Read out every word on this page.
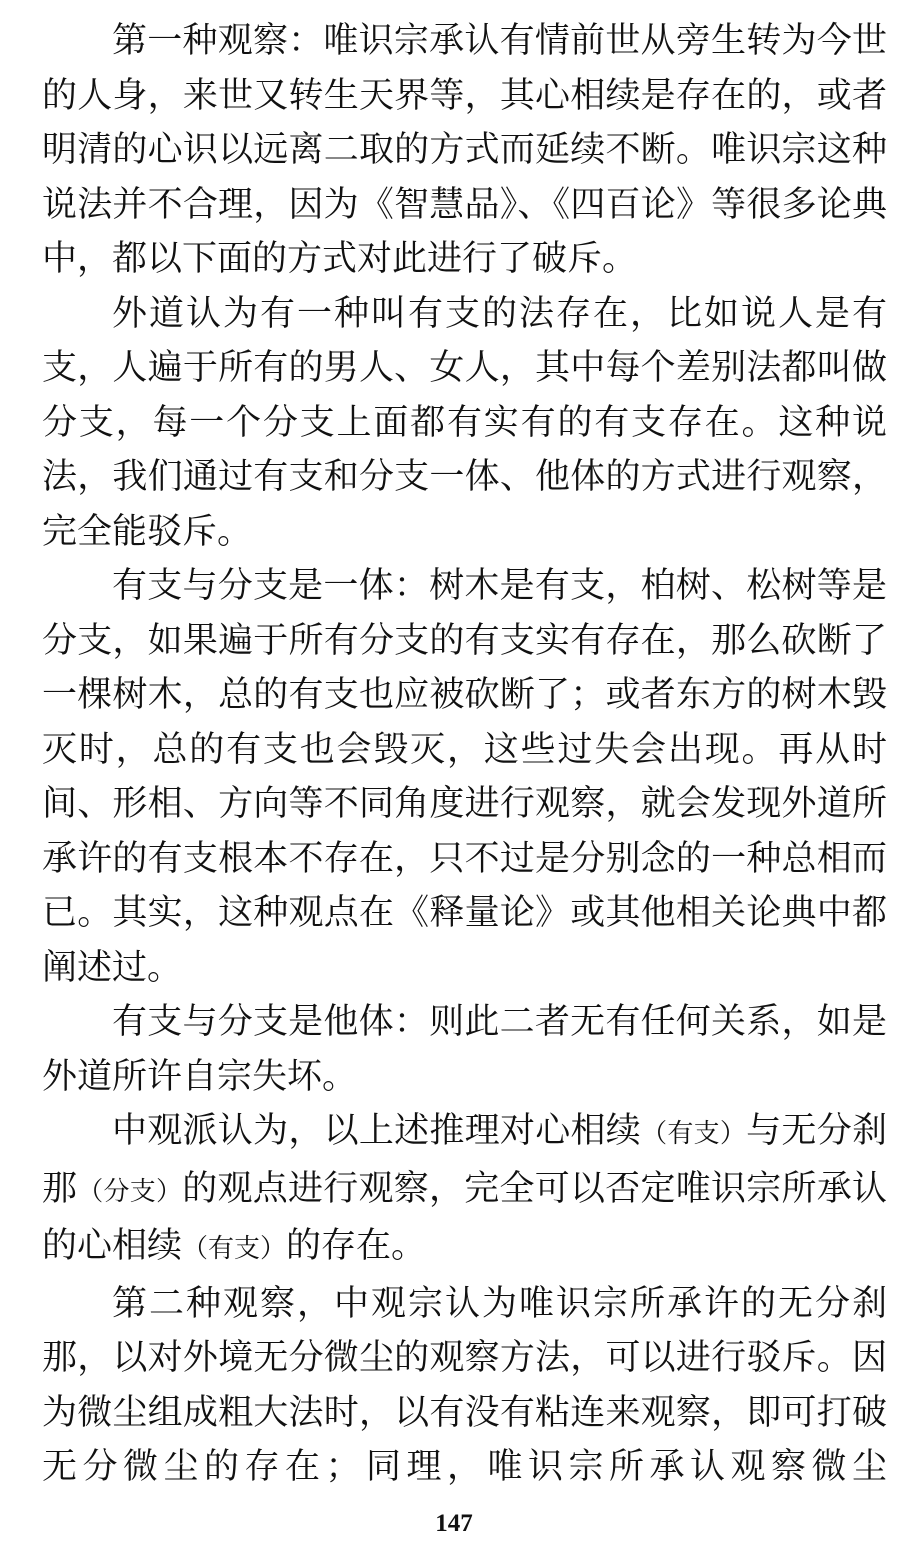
第一种观察：唯识宗承认有情前世从旁生转为今世的人身，来世又转生天界等，其心相续是存在的，或者明清的心识以远离二取的方式而延续不断。唯识宗这种说法并不合理，因为《智慧品》、《四百论》等很多论典中，都以下面的方式对此进行了破斥。

外道认为有一种叫有支的法存在，比如说人是有支，人遍于所有的男人、女人，其中每个差别法都叫做分支，每一个分支上面都有实有的有支存在。这种说法，我们通过有支和分支一体、他体的方式进行观察，完全能驳斥。

有支与分支是一体：树木是有支，柏树、松树等是分支，如果遍于所有分支的有支实有存在，那么砍断了一棵树木，总的有支也应被砍断了；或者东方的树木毁灭时，总的有支也会毁灭，这些过失会出现。再从时间、形相、方向等不同角度进行观察，就会发现外道所承许的有支根本不存在，只不过是分别念的一种总相而已。其实，这种观点在《释量论》或其他相关论典中都阐述过。

有支与分支是他体：则此二者无有任何关系，如是外道所许自宗失坏。

中观派认为，以上述推理对心相续（有支）与无分刹那（分支）的观点进行观察，完全可以否定唯识宗所承认的心相续（有支）的存在。

第二种观察，中观宗认为唯识宗所承许的无分刹那，以对外境无分微尘的观察方法，可以进行驳斥。因为微尘组成粗大法时，以有没有粘连来观察，即可打破无分微尘的存在；同理，唯识宗所承认观察微尘

147
